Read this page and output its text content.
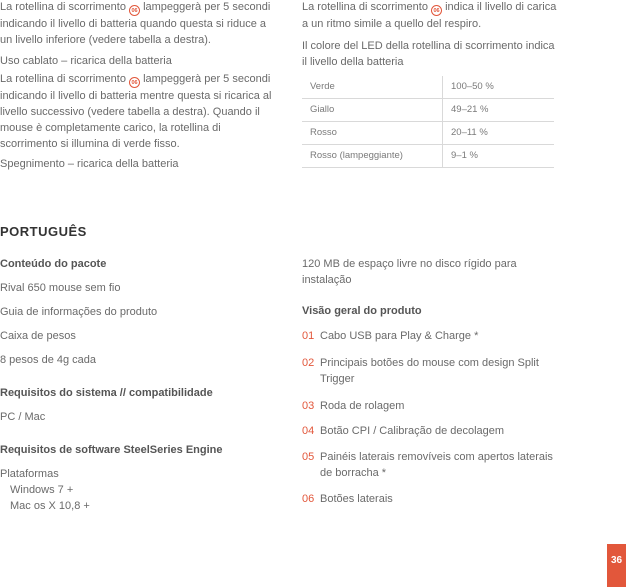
La rotellina di scorrimento 06 lampeggerà per 5 secondi indicando il livello di batteria quando questa si riduce a un livello inferiore (vedere tabella a destra).

Uso cablato – ricarica della batteria

La rotellina di scorrimento 06 lampeggerà per 5 secondi indicando il livello di batteria mentre questa si ricarica al livello successivo (vedere tabella a destra). Quando il mouse è completamente carico, la rotellina di scorrimento si illumina di verde fisso.

Spegnimento – ricarica della batteria

La rotellina di scorrimento 06 indica il livello di carica a un ritmo simile a quello del respiro.

Il colore del LED della rotellina di scorrimento indica il livello della batteria

Verde	100–50 %
Giallo	49–21 %
Rosso	20–11 %
Rosso (lampeggiante)	9–1 %
PORTUGUÊS
Conteúdo do pacote
Rival 650 mouse sem fio
Guia de informações do produto
Caixa de pesos
8 pesos de 4g cada
Requisitos do sistema // compatibilidade
PC / Mac
Requisitos de software SteelSeries Engine
Plataformas
Windows 7 +
Mac os X 10,8 +
120 MB de espaço livre no disco rígido para instalação
Visão geral do produto
01 Cabo USB para Play & Charge *
02 Principais botões do mouse com design Split Trigger
03 Roda de rolagem
04 Botão CPI / Calibração de decolagem
05 Painéis laterais removíveis com apertos laterais de borracha *
06 Botões laterais
36
